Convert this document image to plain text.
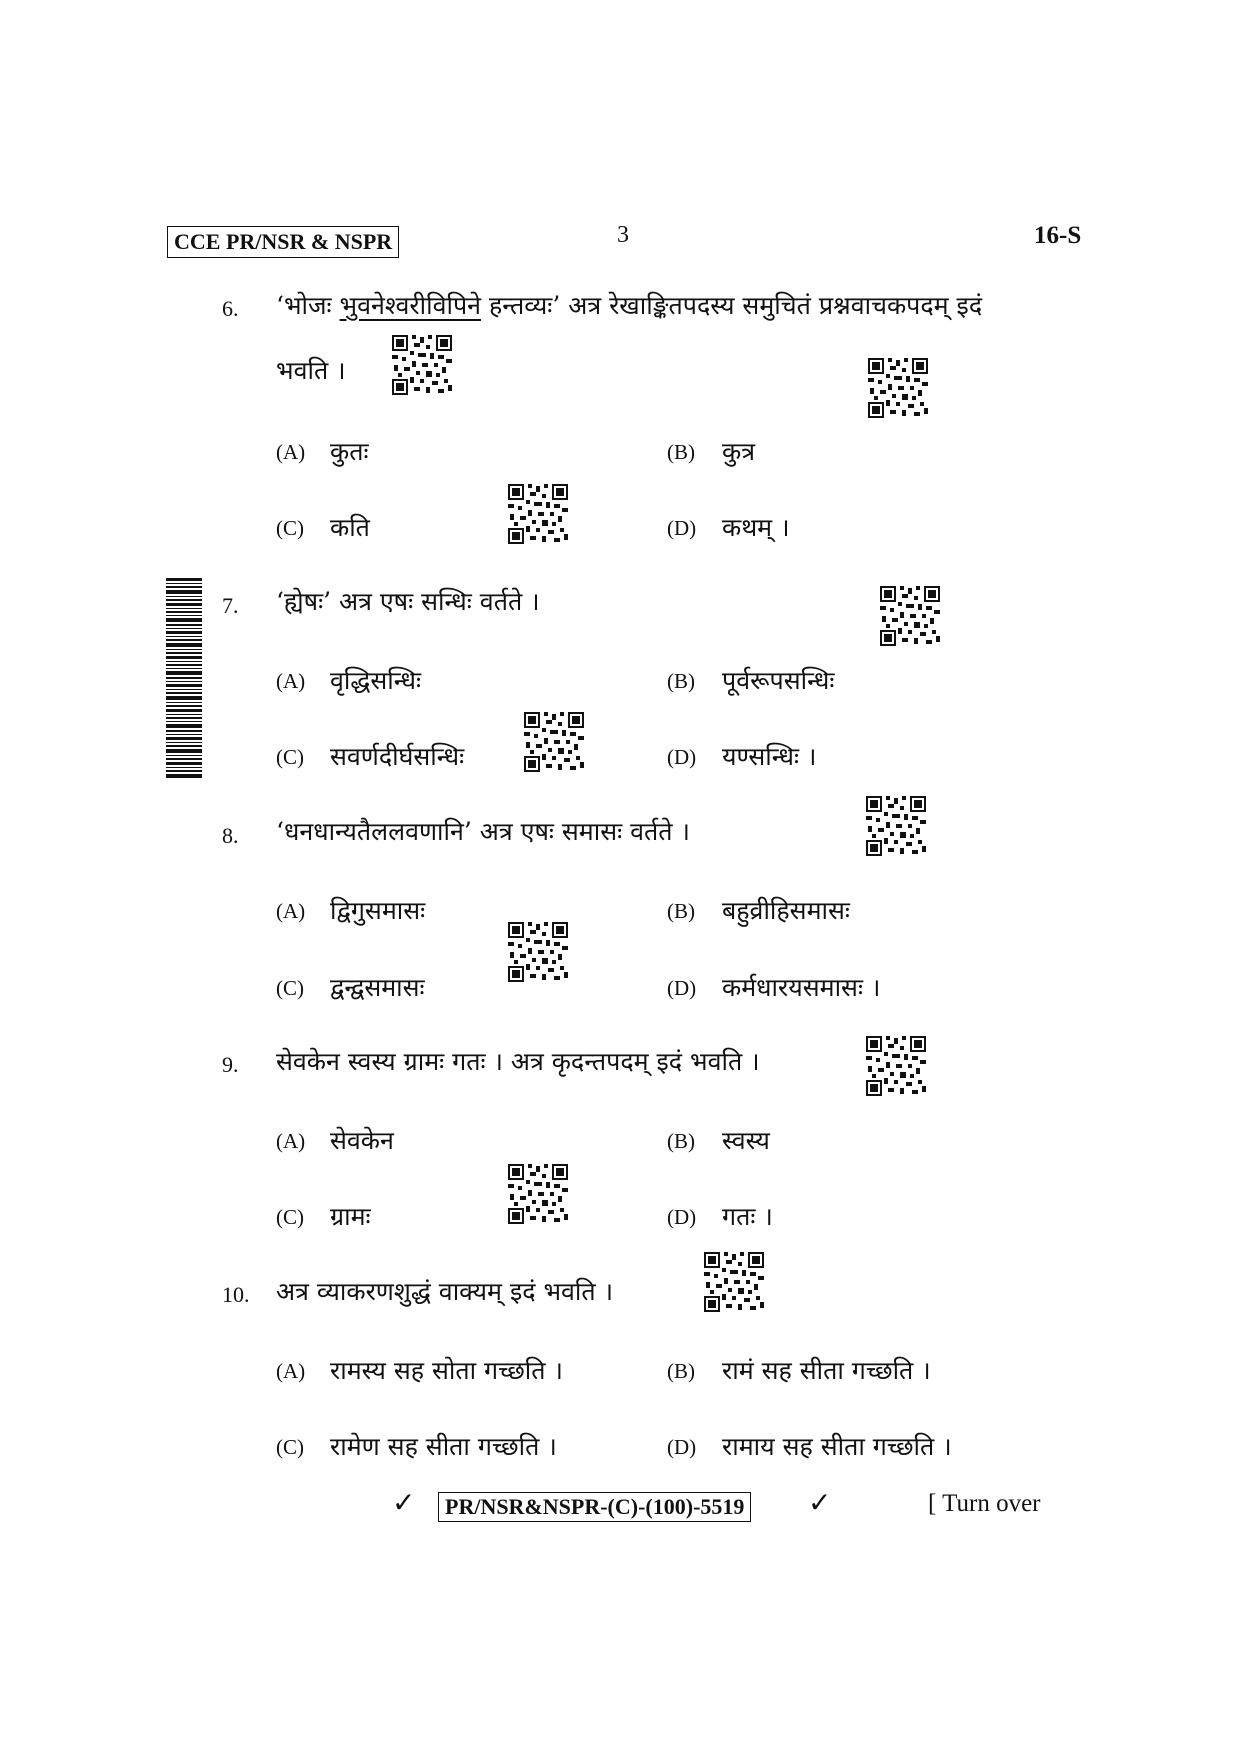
CCE PR/NSR & NSPR	3	16-S
6. ‘भोजः भुवनेश्वरीविपिने हन्तव्यः’ अत्र रेखाङ्कितपदस्य समुचितं प्रश्नवाचकपदम् इदं
भवति ।
(A) कुतः	(B) कुत्र
(C) कति	(D) कथम् ।
7. ‘ह्येषः’ अत्र एषः सन्धिः वर्तते ।
(A) वृद्धिसन्धिः	(B) पूर्वरूपसन्धिः
(C) सवर्णदीर्घसन्धिः	(D) यण्सन्धिः ।
8. ‘धनधान्यतैललवणानि’ अत्र एषः समासः वर्तते ।
(A) द्विगुसमासः	(B) बहुव्रीहिसमासः
(C) द्वन्द्वसमासः	(D) कर्मधारयसमासः ।
9. सेवकेन स्वस्य ग्रामः गतः । अत्र कृदन्तपदम् इदं भवति ।
(A) सेवकेन	(B) स्वस्य
(C) ग्रामः	(D) गतः ।
10. अत्र व्याकरणशुद्धं वाक्यम् इदं भवति ।
(A) रामस्य सह सोता गच्छति ।	(B) रामं सह सीता गच्छति ।
(C) रामेण सह सीता गच्छति ।	(D) रामाय सह सीता गच्छति ।
✓	PR/NSR&NSPR-(C)-(100)-5519 ✓	[ Turn over
